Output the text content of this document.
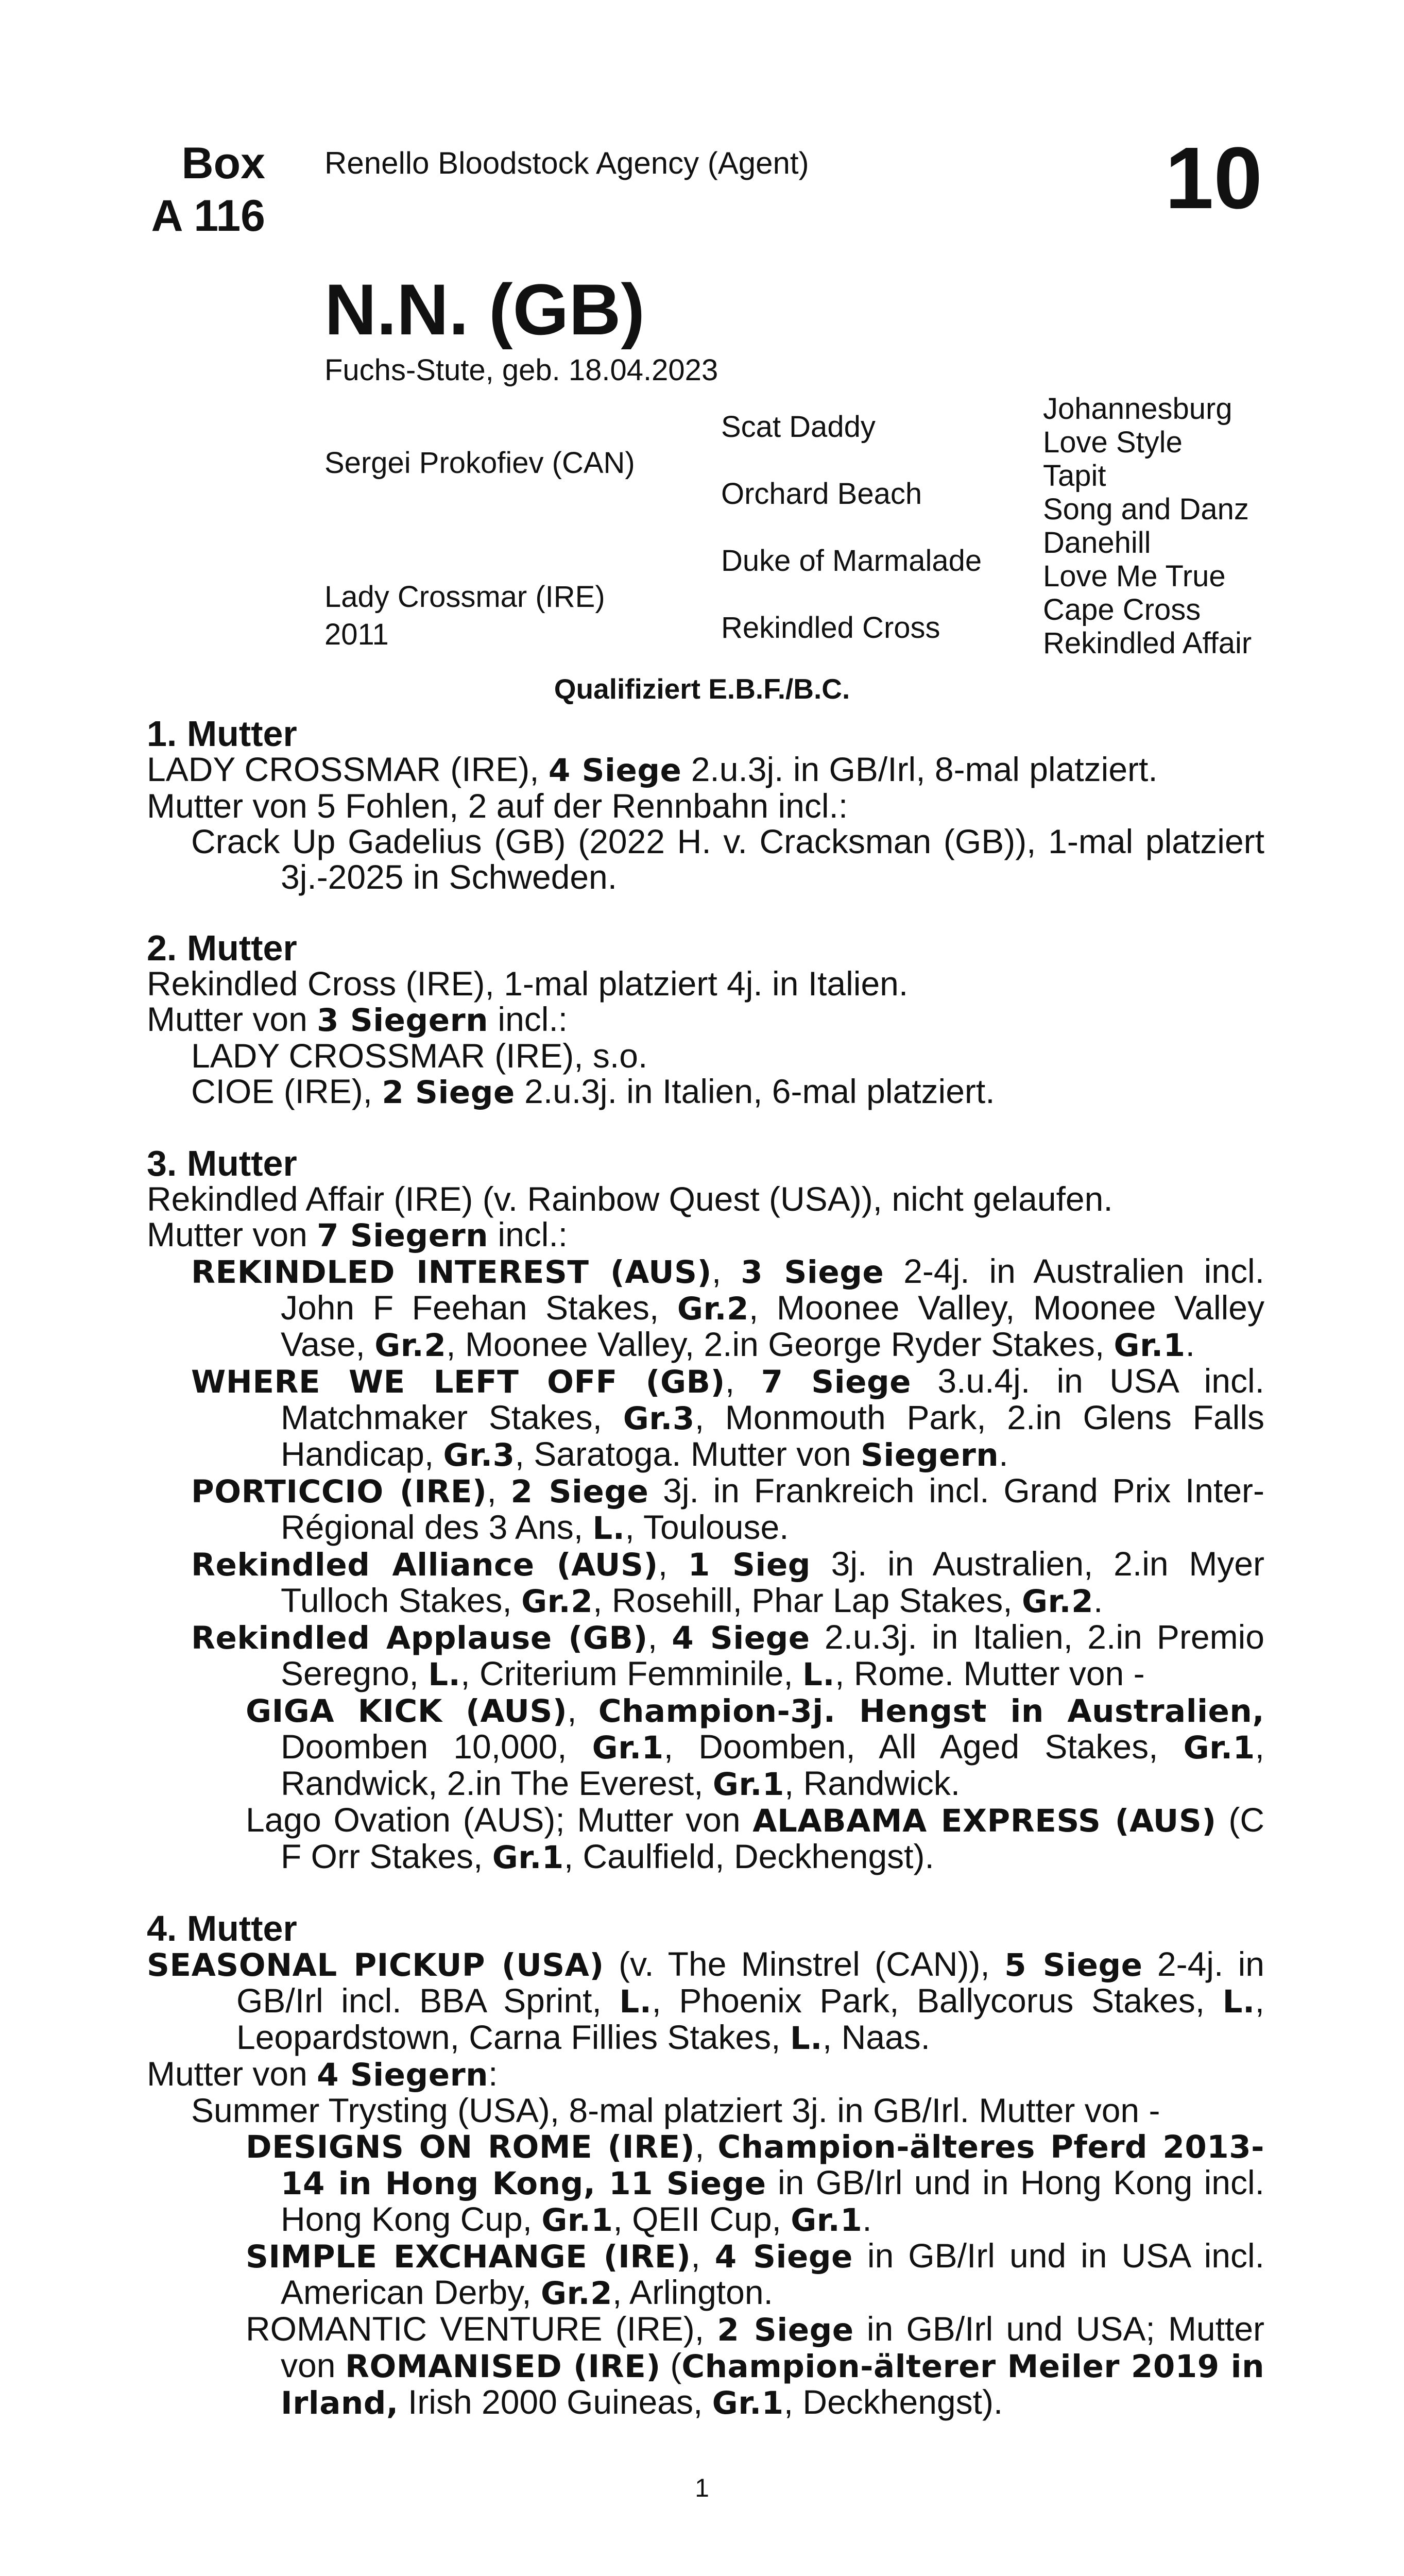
Box
A 116
Renello Bloodstock Agency (Agent)	10
N.N. (GB)
Fuchs-Stute, geb. 18.04.2023
Sergei Prokofiev (CAN)
Lady Crossmar (IRE)
2011
Scat Daddy
Orchard Beach
Duke of Marmalade
Rekindled Cross
Johannesburg
Love Style
Tapit
Song and Danz
Danehill
Love Me True
Cape Cross
Rekindled Affair
Qualifiziert E.B.F./B.C.

1. Mutter

LADY CROSSMAR (IRE), 4 Siege 2.u.3j. in GB/Irl, 8-mal platziert.

Mutter von 5 Fohlen, 2 auf der Rennbahn incl.:

Crack Up Gadelius (GB) (2022 H. v. Cracksman (GB)), 1-mal platziert 3j.-2025 in Schweden.

2. Mutter

Rekindled Cross (IRE), 1-mal platziert 4j. in Italien.

Mutter von 3 Siegern incl.:

LADY CROSSMAR (IRE), s.o.

CIOE (IRE), 2 Siege 2.u.3j. in Italien, 6-mal platziert.

3. Mutter

Rekindled Affair (IRE) (v. Rainbow Quest (USA)), nicht gelaufen.

Mutter von 7 Siegern incl.:

REKINDLED INTEREST (AUS), 3 Siege 2-4j. in Australien incl. John F Feehan Stakes, Gr.2, Moonee Valley, Moonee Valley Vase, Gr.2, Moonee Valley, 2.in George Ryder Stakes, Gr.1.

WHERE WE LEFT OFF (GB), 7 Siege 3.u.4j. in USA incl. Matchmaker Stakes, Gr.3, Monmouth Park, 2.in Glens Falls Handicap, Gr.3, Saratoga. Mutter von Siegern.

PORTICCIO (IRE), 2 Siege 3j. in Frankreich incl. Grand Prix Inter-Régional des 3 Ans, L., Toulouse.

Rekindled Alliance (AUS), 1 Sieg 3j. in Australien, 2.in Myer Tulloch Stakes, Gr.2, Rosehill, Phar Lap Stakes, Gr.2.

Rekindled Applause (GB), 4 Siege 2.u.3j. in Italien, 2.in Premio Seregno, L., Criterium Femminile, L., Rome. Mutter von -

GIGA KICK (AUS), Champion-3j. Hengst in Australien, Doomben 10,000, Gr.1, Doomben, All Aged Stakes, Gr.1, Randwick, 2.in The Everest, Gr.1, Randwick.

Lago Ovation (AUS); Mutter von ALABAMA EXPRESS (AUS) (C F Orr Stakes, Gr.1, Caulfield, Deckhengst).

4. Mutter

SEASONAL PICKUP (USA) (v. The Minstrel (CAN)), 5 Siege 2-4j. in GB/Irl incl. BBA Sprint, L., Phoenix Park, Ballycorus Stakes, L., Leopardstown, Carna Fillies Stakes, L., Naas.

Mutter von 4 Siegern:

Summer Trysting (USA), 8-mal platziert 3j. in GB/Irl. Mutter von -

DESIGNS ON ROME (IRE), Champion-älteres Pferd 2013-14 in Hong Kong, 11 Siege in GB/Irl und in Hong Kong incl. Hong Kong Cup, Gr.1, QEII Cup, Gr.1.

SIMPLE EXCHANGE (IRE), 4 Siege in GB/Irl und in USA incl. American Derby, Gr.2, Arlington.

ROMANTIC VENTURE (IRE), 2 Siege in GB/Irl und USA; Mutter von ROMANISED (IRE) (Champion-älterer Meiler 2019 in Irland, Irish 2000 Guineas, Gr.1, Deckhengst).

1
